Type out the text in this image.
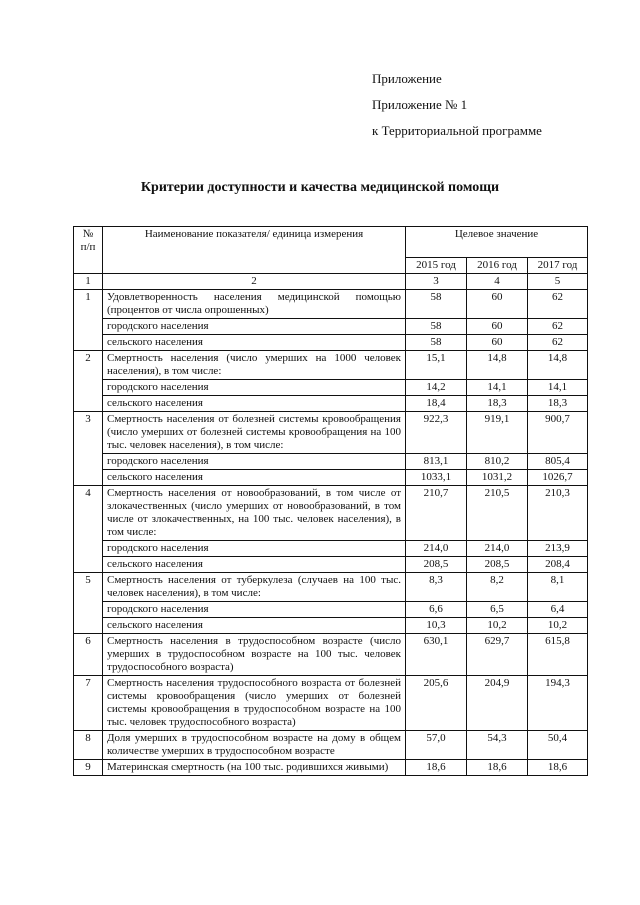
Приложение
Приложение № 1
к Территориальной программе
Критерии доступности и качества медицинской помощи
№ п/п	Наименование показателя/ единица измерения	Целевое значение		
		2015 год	2016 год	2017 год
1	2	3	4	5
1	Удовлетворенность населения медицинской помощью (процентов от числа опрошенных)	58	60	62
	городского населения	58	60	62
	сельского населения	58	60	62
2	Смертность населения (число умерших на 1000 человек населения), в том числе:	15,1	14,8	14,8
	городского населения	14,2	14,1	14,1
	сельского населения	18,4	18,3	18,3
3	Смертность населения от болезней системы кровообращения (число умерших от болезней системы кровообращения на 100 тыс. человек населения), в том числе:	922,3	919,1	900,7
	городского населения	813,1	810,2	805,4
	сельского населения	1033,1	1031,2	1026,7
4	Смертность населения от новообразований, в том числе от злокачественных (число умерших от новообразований, в том числе от злокачественных, на 100 тыс. человек населения), в том числе:	210,7	210,5	210,3
	городского населения	214,0	214,0	213,9
	сельского населения	208,5	208,5	208,4
5	Смертность населения от туберкулеза (случаев на 100 тыс. человек населения), в том числе:	8,3	8,2	8,1
	городского населения	6,6	6,5	6,4
	сельского населения	10,3	10,2	10,2
6	Смертность населения в трудоспособном возрасте (число умерших в трудоспособном возрасте на 100 тыс. человек трудоспособного возраста)	630,1	629,7	615,8
7	Смертность населения трудоспособного возраста от болезней системы кровообращения (число умерших от болезней системы кровообращения в трудоспособном возрасте на 100 тыс. человек трудоспособного возраста)	205,6	204,9	194,3
8	Доля умерших в трудоспособном возрасте на дому в общем количестве умерших в трудоспособном возрасте	57,0	54,3	50,4
9	Материнская смертность (на 100 тыс. родившихся живыми)	18,6	18,6	18,6
